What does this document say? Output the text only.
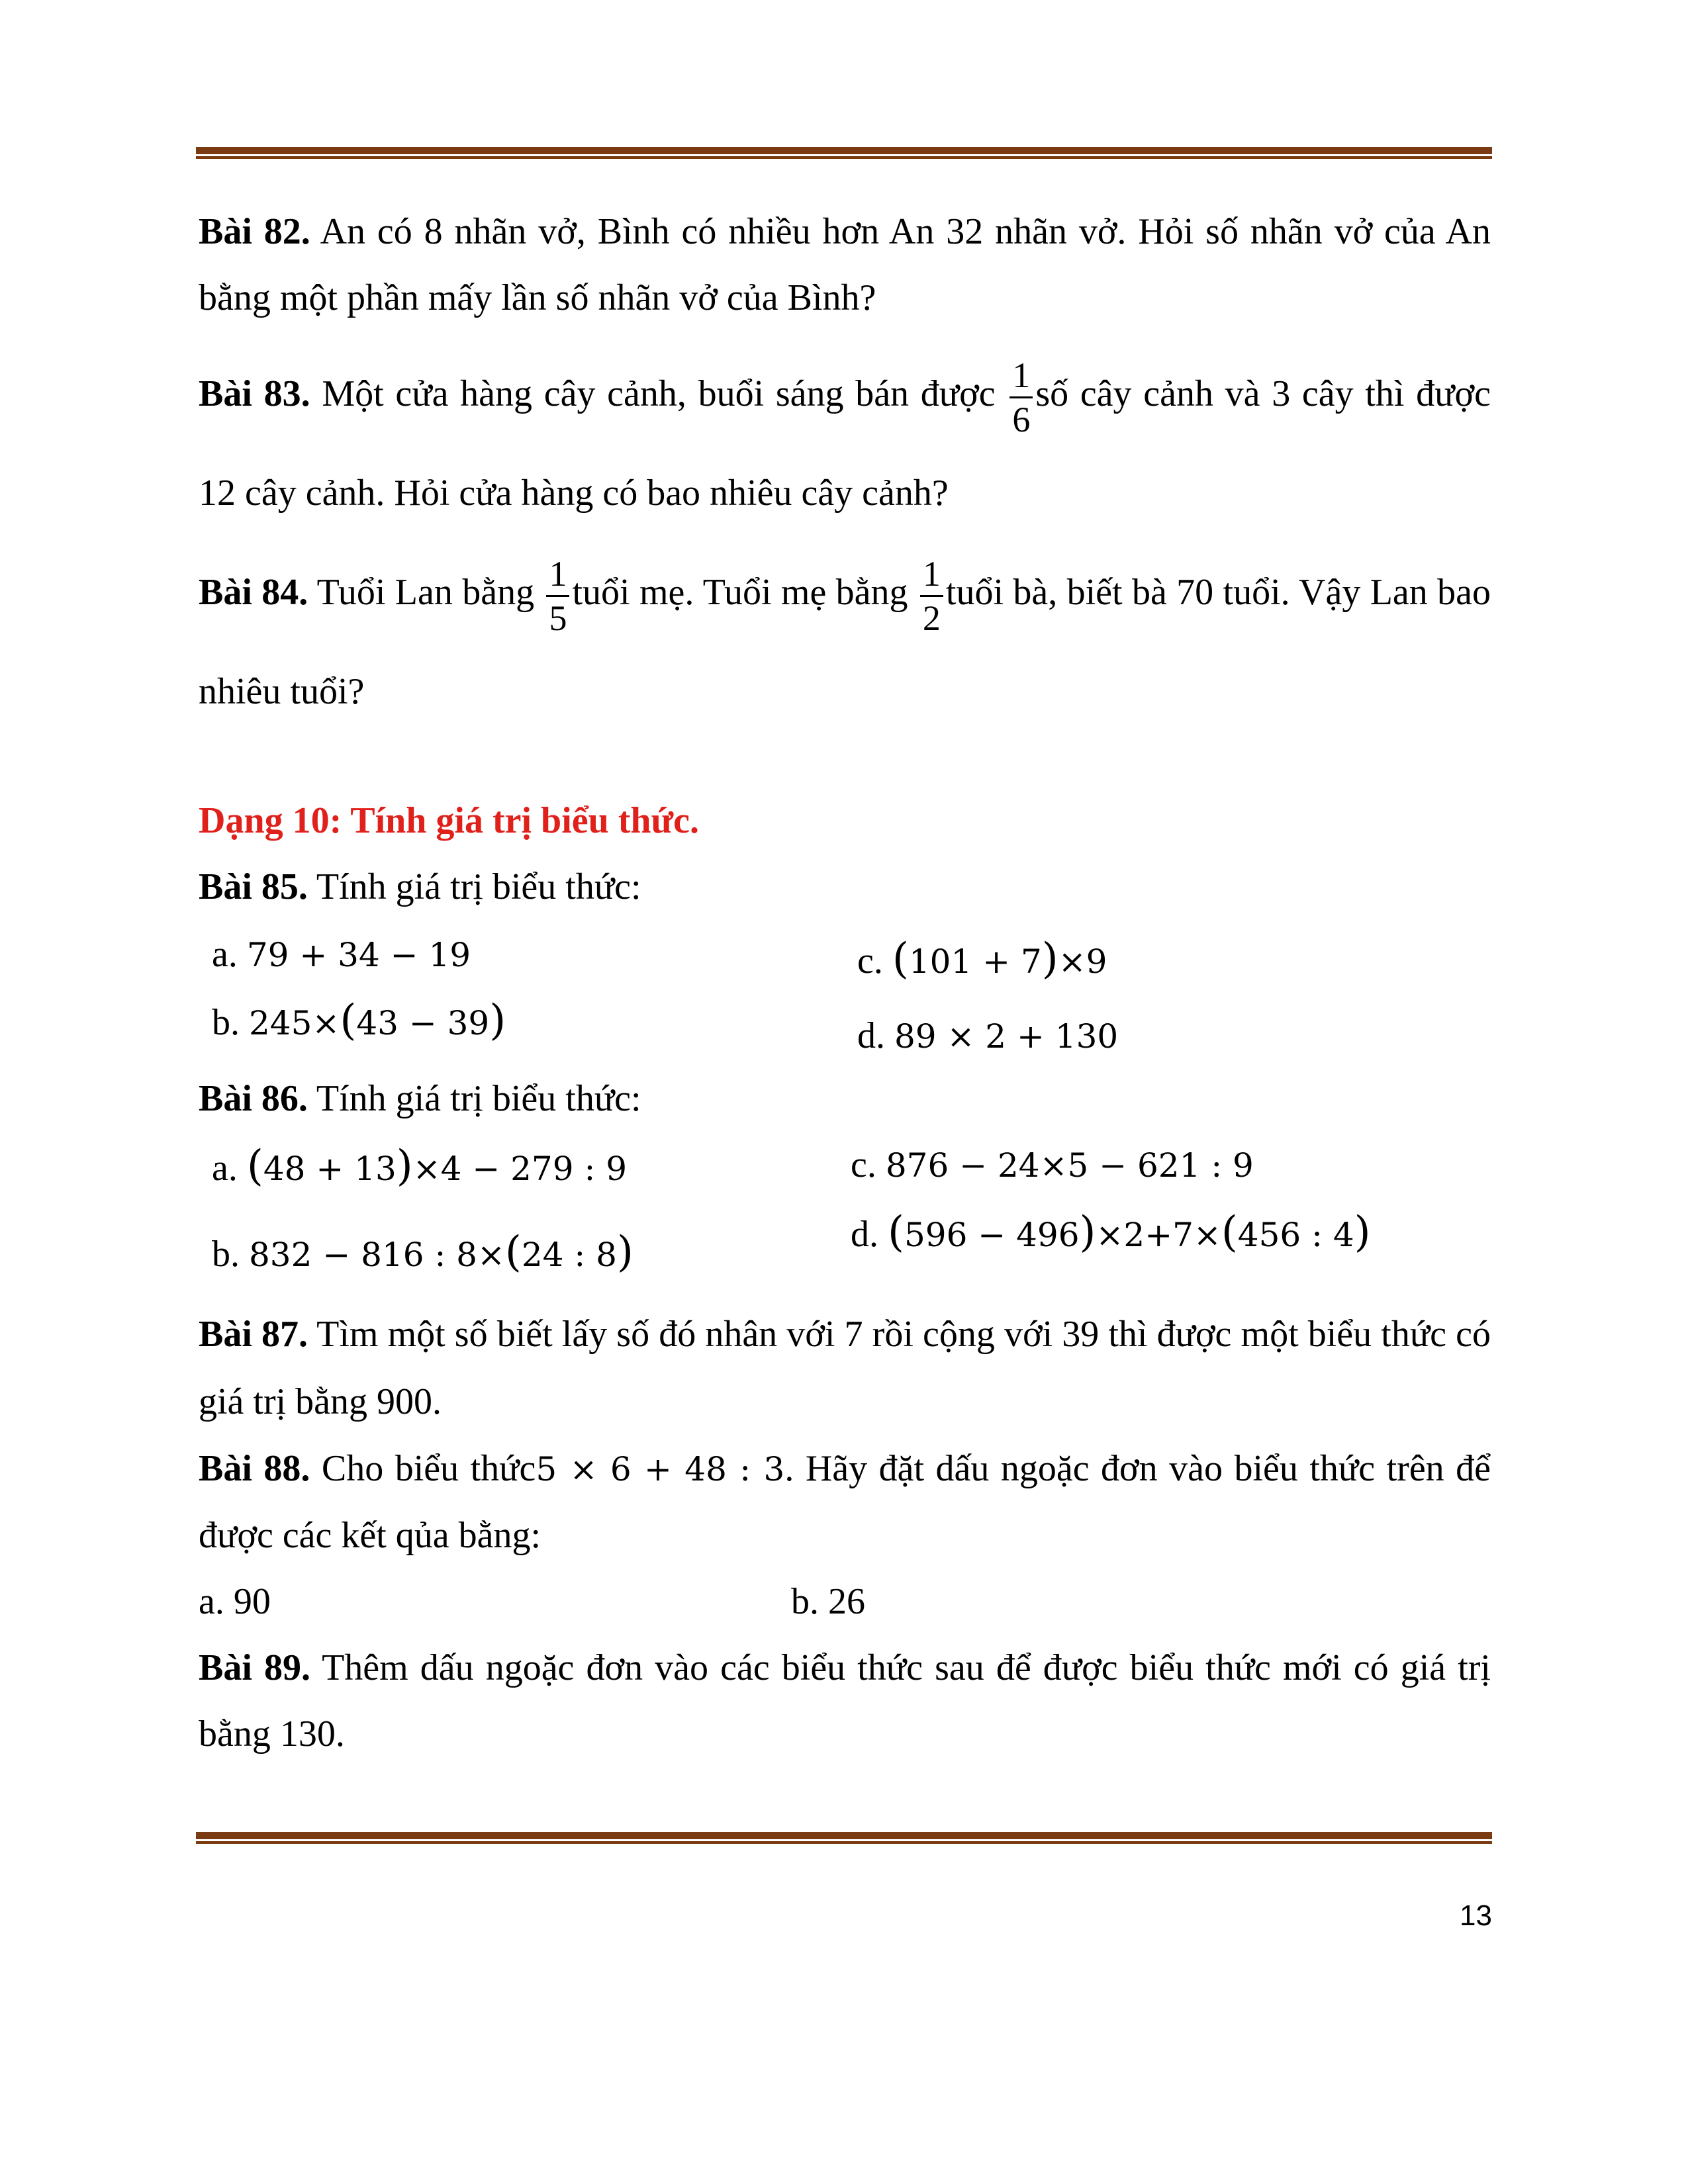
Bài 82. An có 8 nhãn vở, Bình có nhiều hơn An 32 nhãn vở. Hỏi số nhãn vở của An bằng một phần mấy lần số nhãn vở của Bình?

Bài 83. Một cửa hàng cây cảnh, buổi sáng bán được $\frac{1}{6}$ số cây cảnh và 3 cây thì được 12 cây cảnh. Hỏi cửa hàng có bao nhiêu cây cảnh?

Bài 84. Tuổi Lan bằng $\frac{1}{5}$ tuổi mẹ. Tuổi mẹ bằng $\frac{1}{2}$ tuổi bà, biết bà 70 tuổi. Vậy Lan bao nhiêu tuổi?

Dạng 10: Tính giá trị biểu thức.

Bài 85. Tính giá trị biểu thức:

a. 79 + 34 − 19	c. (101 + 7)×9
b. 245×(43 − 39)	d. 89 × 2 + 130

Bài 86. Tính giá trị biểu thức:

a. (48 + 13)×4 − 279 : 9	c. 876 − 24×5 − 621 : 9
b. 832 − 816 : 8×(24 : 8)	d. (596 − 496)×2+7×(456 : 4)

Bài 87. Tìm một số biết lấy số đó nhân với 7 rồi cộng với 39 thì được một biểu thức có giá trị bằng 900.

Bài 88. Cho biểu thức5 × 6 + 48 : 3. Hãy đặt dấu ngoặc đơn vào biểu thức trên để được các kết qủa bằng:

a. 90	b. 26

Bài 89. Thêm dấu ngoặc đơn vào các biểu thức sau để được biểu thức mới có giá trị bằng 130.

13
